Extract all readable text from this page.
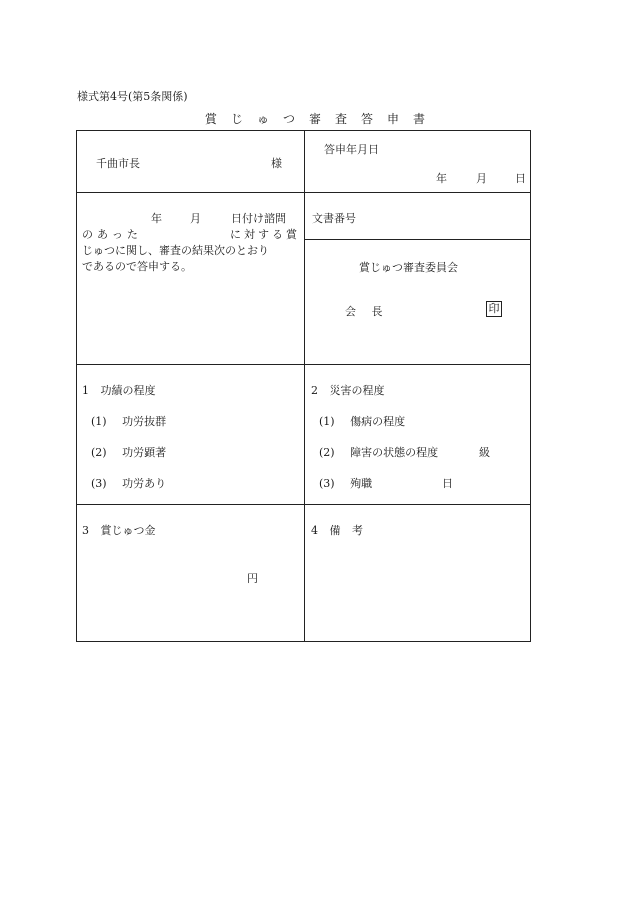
様式第4号(第5条関係)
賞 じ ゅ つ 審 査 答 申 書
千曲市長	様
答申年月日
年	月	日
年	月	日付け諮問
のあった	に対する賞
じゅつに関し、審査の結果次のとおり
であるので答申する。
文書番号
賞じゅつ審査委員会
会 長	印
1 功績の程度
(1) 功労抜群
(2) 功労顕著
(3) 功労あり
2 災害の程度
(1) 傷病の程度
(2) 障害の状態の程度	級
(3) 殉職	日
3 賞じゅつ金
円
4 備 考
